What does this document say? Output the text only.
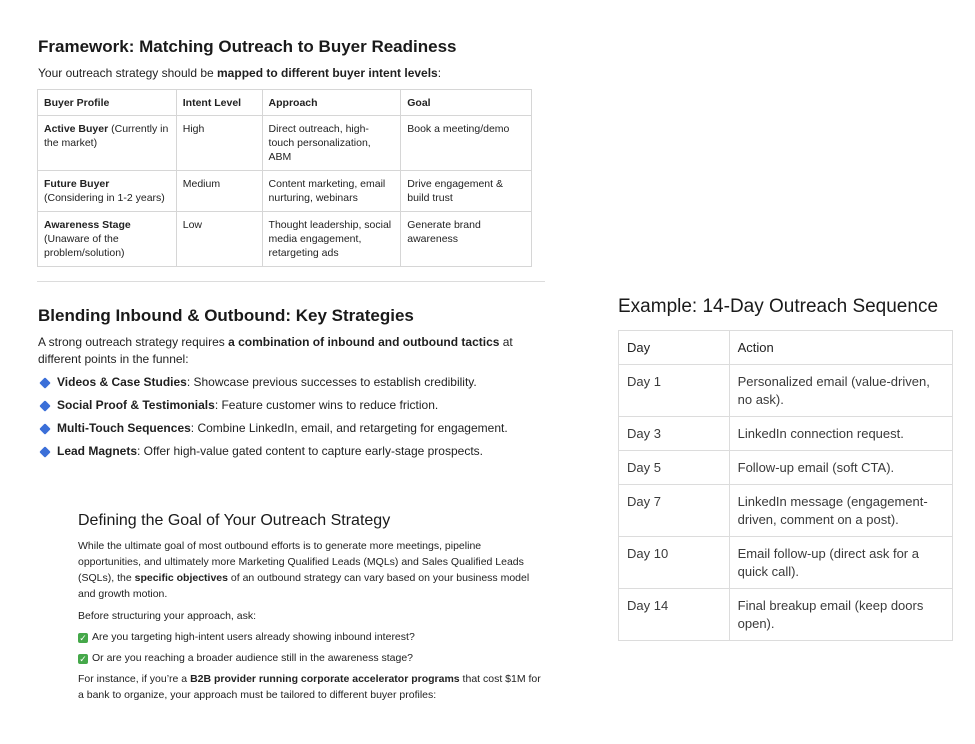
Framework: Matching Outreach to Buyer Readiness

Your outreach strategy should be mapped to different buyer intent levels:

Buyer Profile	Intent Level	Approach	Goal
Active Buyer (Currently in the market)	High	Direct outreach, high-touch personalization, ABM	Book a meeting/demo
Future Buyer (Considering in 1-2 years)	Medium	Content marketing, email nurturing, webinars	Drive engagement & build trust
Awareness Stage (Unaware of the problem/solution)	Low	Thought leadership, social media engagement, retargeting ads	Generate brand awareness
Blending Inbound & Outbound: Key Strategies

A strong outreach strategy requires a combination of inbound and outbound tactics at different points in the funnel:

Videos & Case Studies: Showcase previous successes to establish credibility.
Social Proof & Testimonials: Feature customer wins to reduce friction.
Multi-Touch Sequences: Combine LinkedIn, email, and retargeting for engagement.
Lead Magnets: Offer high-value gated content to capture early-stage prospects.
Defining the Goal of Your Outreach Strategy

While the ultimate goal of most outbound efforts is to generate more meetings, pipeline opportunities, and ultimately more Marketing Qualified Leads (MQLs) and Sales Qualified Leads (SQLs), the specific objectives of an outbound strategy can vary based on your business model and growth motion.

Before structuring your approach, ask:

✓ Are you targeting high-intent users already showing inbound interest?

✓ Or are you reaching a broader audience still in the awareness stage?

For instance, if you’re a B2B provider running corporate accelerator programs that cost $1M for a bank to organize, your approach must be tailored to different buyer profiles:

Example: 14-Day Outreach Sequence
Day	Action
Day 1	Personalized email (value-driven, no ask).
Day 3	LinkedIn connection request.
Day 5	Follow-up email (soft CTA).
Day 7	LinkedIn message (engagement-driven, comment on a post).
Day 10	Email follow-up (direct ask for a quick call).
Day 14	Final breakup email (keep doors open).
